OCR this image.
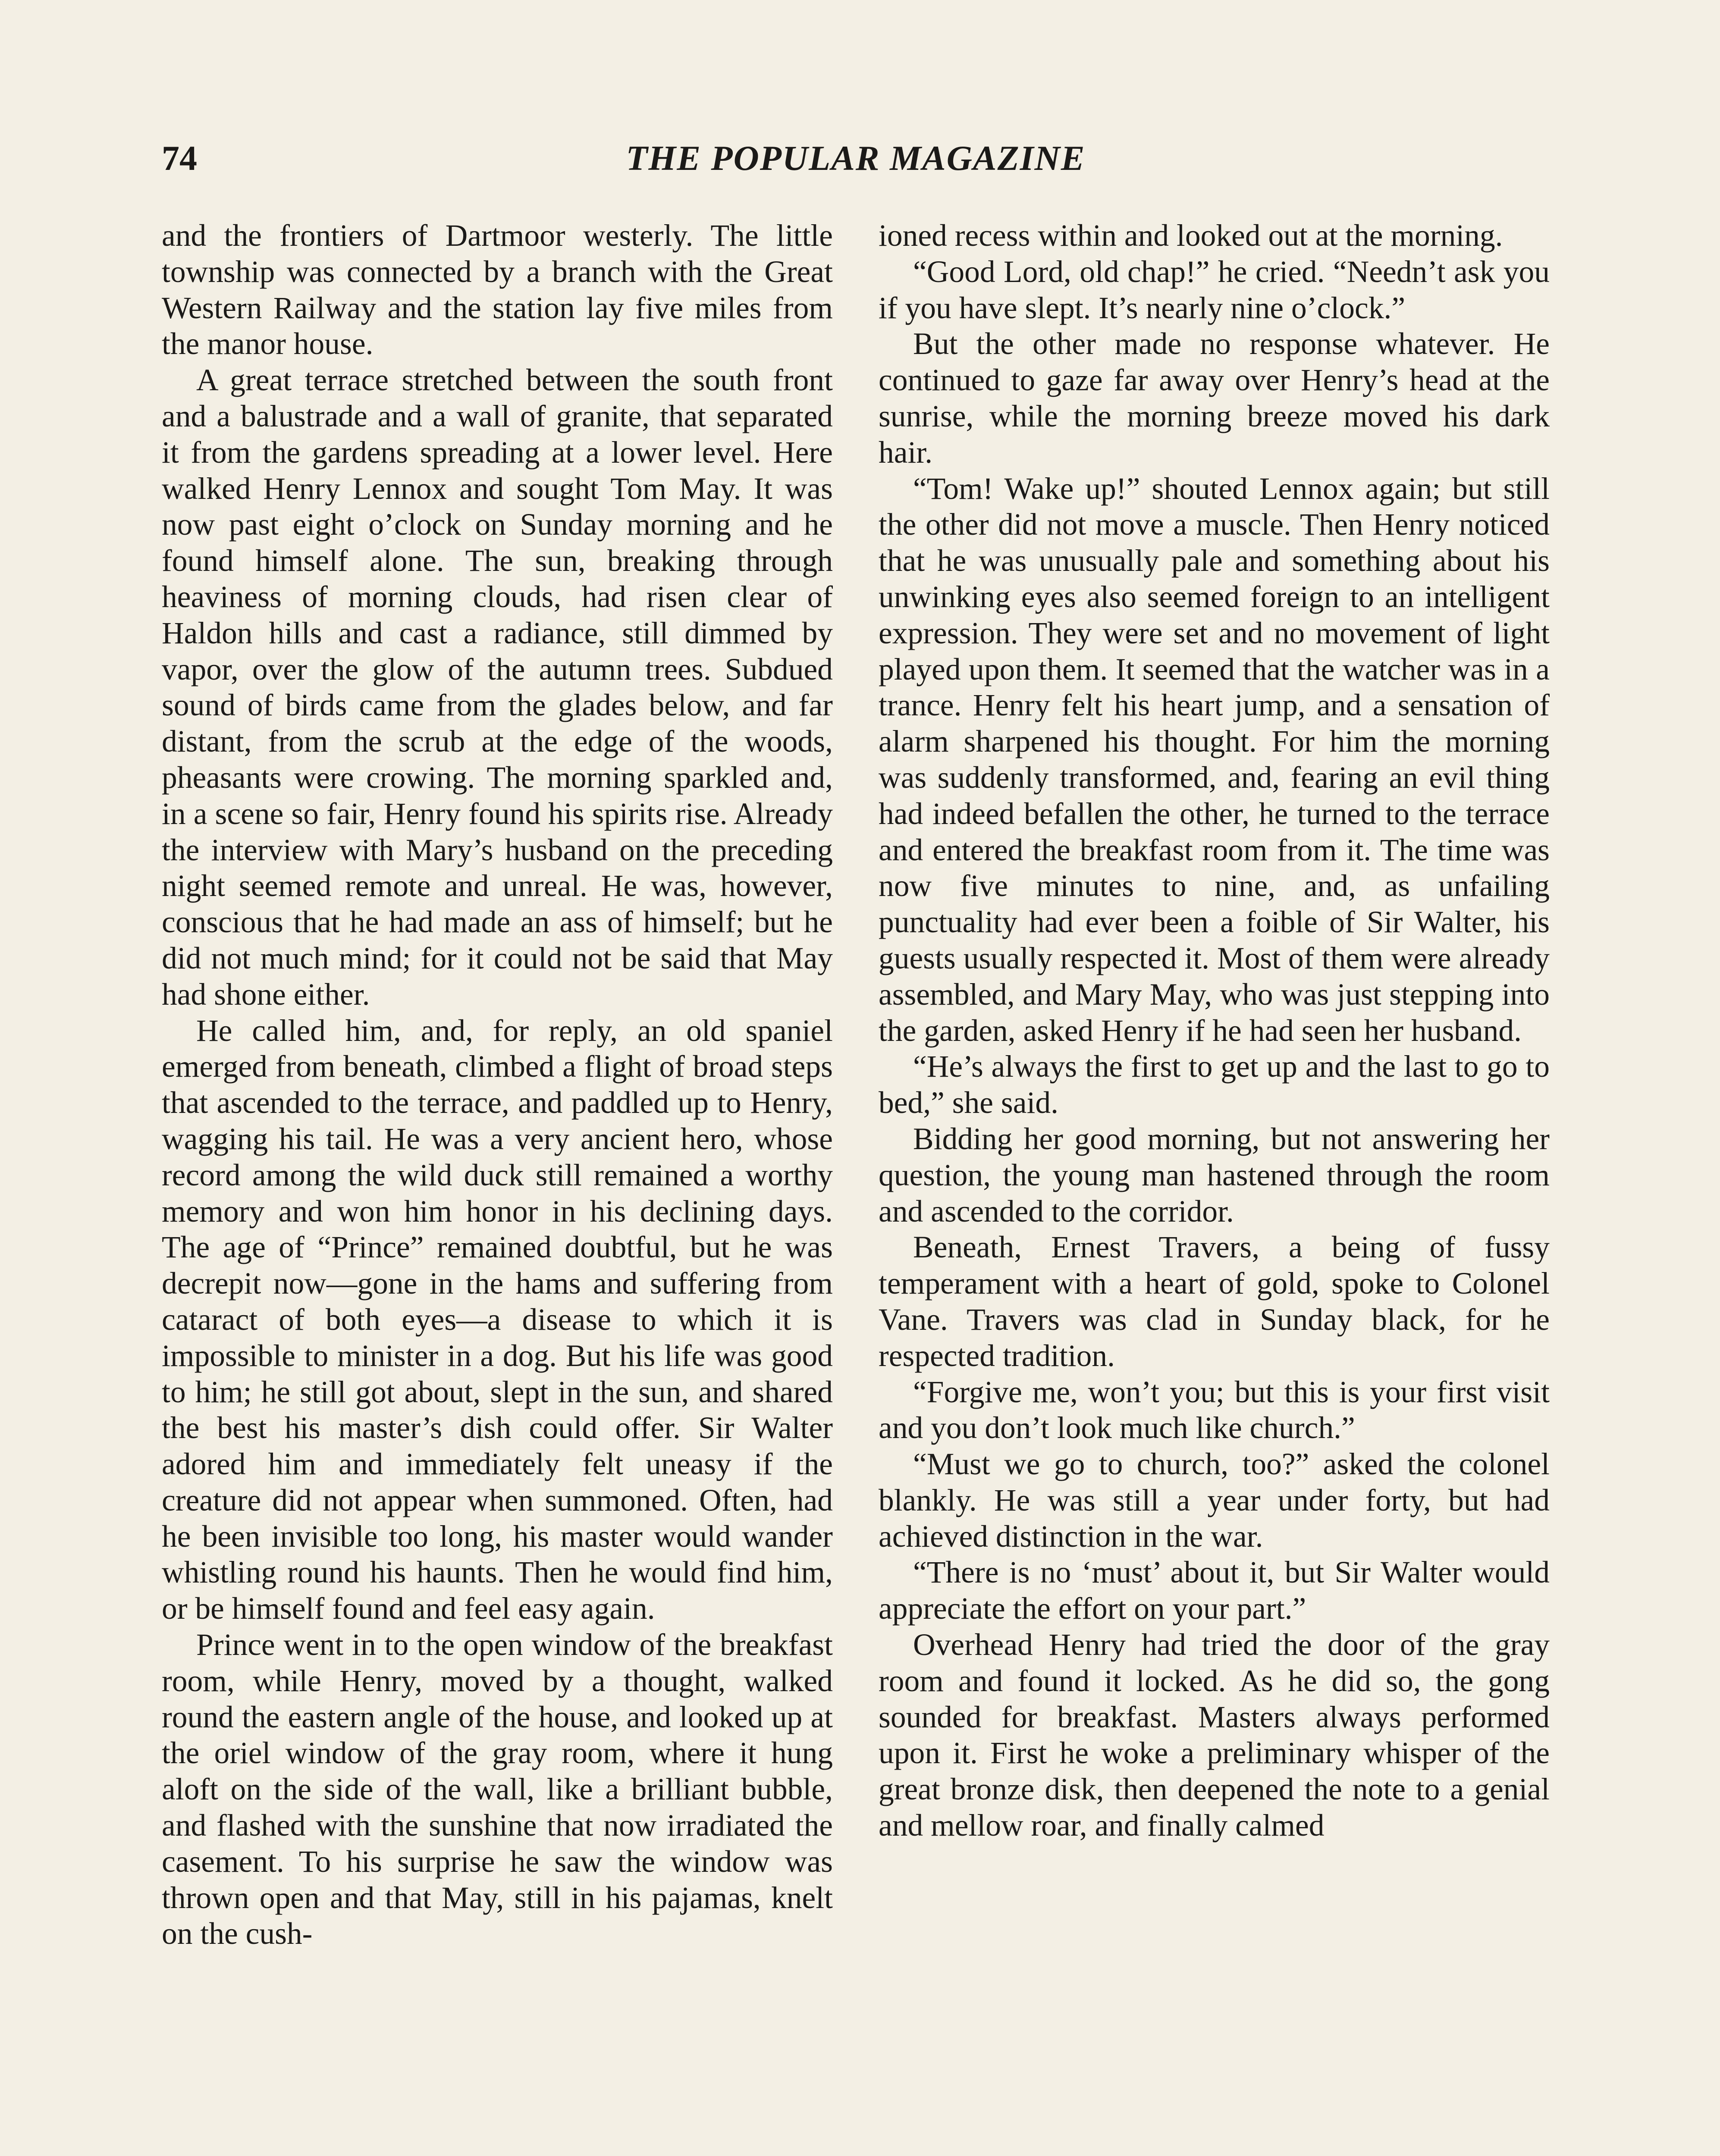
74	THE POPULAR MAGAZINE

and the frontiers of Dartmoor westerly. The little township was connected by a branch with the Great Western Railway and the station lay five miles from the manor house.

A great terrace stretched between the south front and a balustrade and a wall of granite, that separated it from the gardens spreading at a lower level. Here walked Henry Lennox and sought Tom May. It was now past eight o’clock on Sunday morning and he found himself alone. The sun, breaking through heaviness of morning clouds, had risen clear of Haldon hills and cast a radiance, still dimmed by vapor, over the glow of the autumn trees. Subdued sound of birds came from the glades below, and far distant, from the scrub at the edge of the woods, pheasants were crowing. The morning sparkled and, in a scene so fair, Henry found his spirits rise. Already the interview with Mary’s husband on the preceding night seemed remote and unreal. He was, however, conscious that he had made an ass of himself; but he did not much mind; for it could not be said that May had shone either.

He called him, and, for reply, an old spaniel emerged from beneath, climbed a flight of broad steps that ascended to the terrace, and paddled up to Henry, wagging his tail. He was a very ancient hero, whose record among the wild duck still remained a worthy memory and won him honor in his declining days. The age of “Prince” remained doubtful, but he was decrepit now—gone in the hams and suffering from cataract of both eyes—a disease to which it is impossible to minister in a dog. But his life was good to him; he still got about, slept in the sun, and shared the best his master’s dish could offer. Sir Walter adored him and immediately felt uneasy if the creature did not appear when summoned. Often, had he been invisible too long, his master would wander whistling round his haunts. Then he would find him, or be himself found and feel easy again.

Prince went in to the open window of the breakfast room, while Henry, moved by a thought, walked round the eastern angle of the house, and looked up at the oriel window of the gray room, where it hung aloft on the side of the wall, like a brilliant bubble, and flashed with the sunshine that now irradiated the casement. To his surprise he saw the window was thrown open and that May, still in his pajamas, knelt on the cush-

ioned recess within and looked out at the morning.

“Good Lord, old chap!” he cried. “Needn’t ask you if you have slept. It’s nearly nine o’clock.”

But the other made no response whatever. He continued to gaze far away over Henry’s head at the sunrise, while the morning breeze moved his dark hair.

“Tom! Wake up!” shouted Lennox again; but still the other did not move a muscle. Then Henry noticed that he was unusually pale and something about his unwinking eyes also seemed foreign to an intelligent expression. They were set and no movement of light played upon them. It seemed that the watcher was in a trance. Henry felt his heart jump, and a sensation of alarm sharpened his thought. For him the morning was suddenly transformed, and, fearing an evil thing had indeed befallen the other, he turned to the terrace and entered the breakfast room from it. The time was now five minutes to nine, and, as unfailing punctuality had ever been a foible of Sir Walter, his guests usually respected it. Most of them were already assembled, and Mary May, who was just stepping into the garden, asked Henry if he had seen her husband.

“He’s always the first to get up and the last to go to bed,” she said.

Bidding her good morning, but not answering her question, the young man hastened through the room and ascended to the corridor.

Beneath, Ernest Travers, a being of fussy temperament with a heart of gold, spoke to Colonel Vane. Travers was clad in Sunday black, for he respected tradition.

“Forgive me, won’t you; but this is your first visit and you don’t look much like church.”

“Must we go to church, too?” asked the colonel blankly. He was still a year under forty, but had achieved distinction in the war.

“There is no ‘must’ about it, but Sir Walter would appreciate the effort on your part.”

Overhead Henry had tried the door of the gray room and found it locked. As he did so, the gong sounded for breakfast. Masters always performed upon it. First he woke a preliminary whisper of the great bronze disk, then deepened the note to a genial and mellow roar, and finally calmed
